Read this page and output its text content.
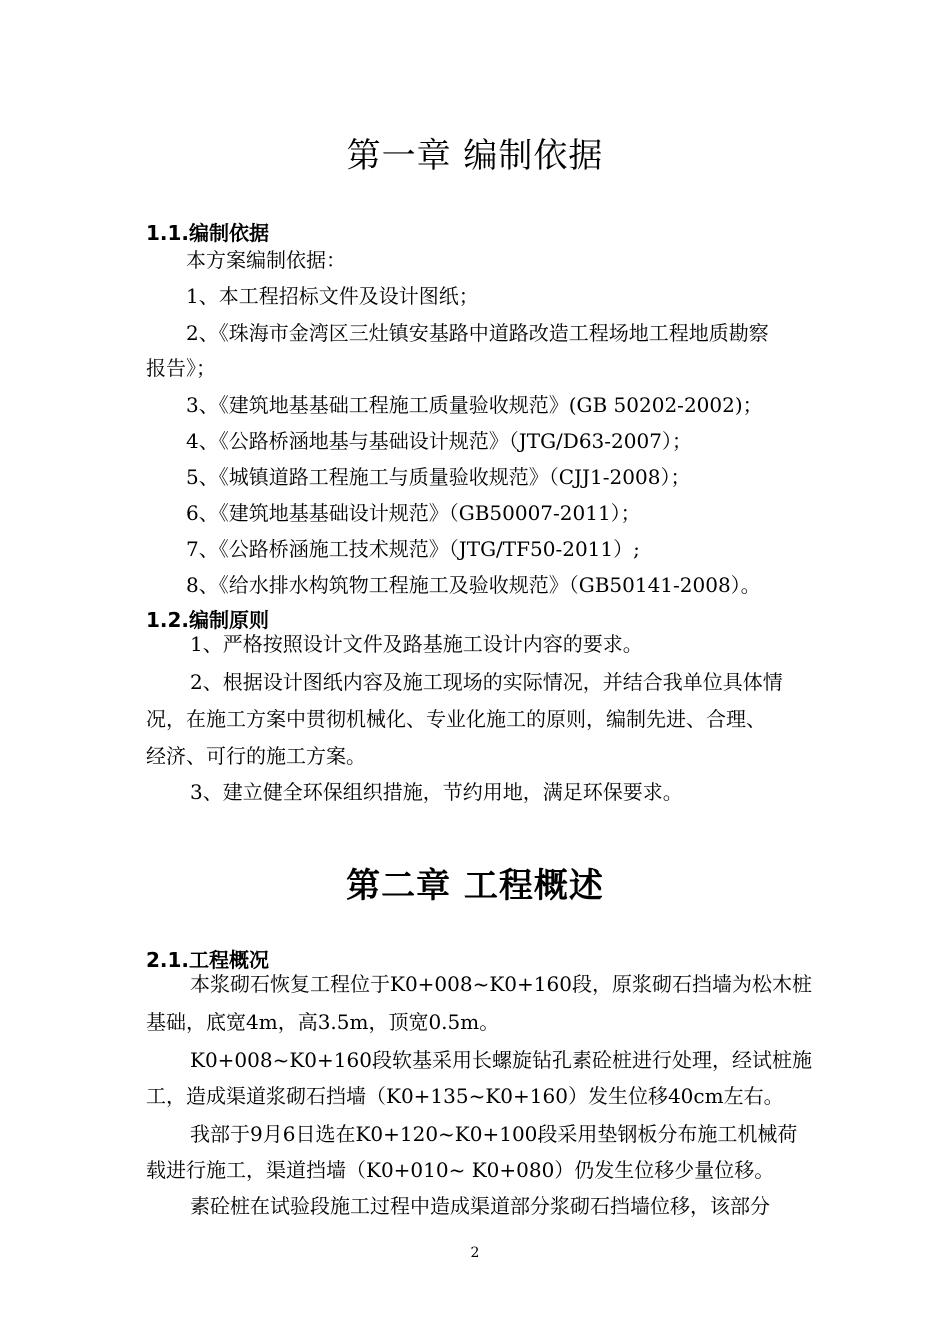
第一章 编制依据
1.1.编制依据
本方案编制依据：
1、本工程招标文件及设计图纸；
2、《珠海市金湾区三灶镇安基路中道路改造工程场地工程地质勘察
报告》；
3、《建筑地基基础工程施工质量验收规范》(GB 50202-2002)；
4、《公路桥涵地基与基础设计规范》（JTG/D63-2007）；
5、《城镇道路工程施工与质量验收规范》（CJJ1-2008）；
6、《建筑地基基础设计规范》（GB50007-2011）；
7、《公路桥涵施工技术规范》（JTG/TF50-2011）;
8、《给水排水构筑物工程施工及验收规范》（GB50141-2008）。
1.2.编制原则
1、严格按照设计文件及路基施工设计内容的要求。
2、根据设计图纸内容及施工现场的实际情况，并结合我单位具体情
况，在施工方案中贯彻机械化、专业化施工的原则，编制先进、合理、
经济、可行的施工方案。
3、建立健全环保组织措施，节约用地，满足环保要求。
第二章 工程概述
2.1.工程概况
本浆砌石恢复工程位于K0+008~K0+160段，原浆砌石挡墙为松木桩
基础，底宽4m，高3.5m，顶宽0.5m。
K0+008~K0+160段软基采用长螺旋钻孔素砼桩进行处理，经试桩施
工，造成渠道浆砌石挡墙（K0+135~K0+160）发生位移40cm左右。
我部于9月6日选在K0+120~K0+100段采用垫钢板分布施工机械荷
载进行施工，渠道挡墙（K0+010~ K0+080）仍发生位移少量位移。
素砼桩在试验段施工过程中造成渠道部分浆砌石挡墙位移，该部分
2
